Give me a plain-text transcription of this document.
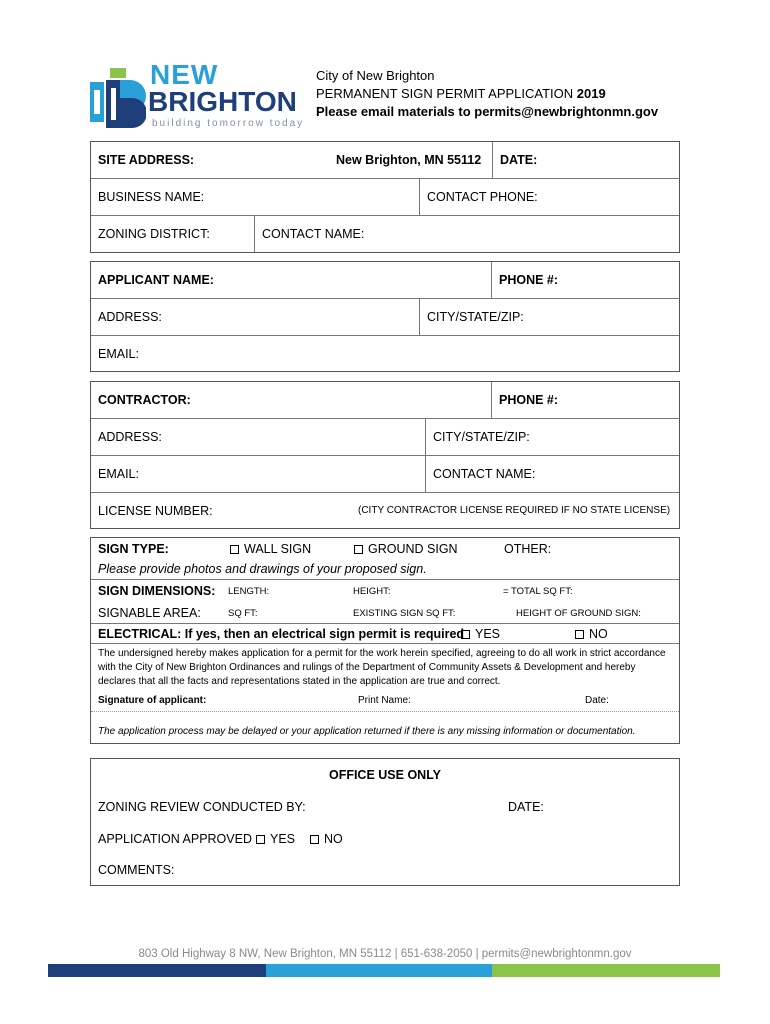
NEW
BRIGHTON
building tomorrow today
City of New Brighton
PERMANENT SIGN PERMIT APPLICATION 2019
Please email materials to permits@newbrightonmn.gov
SITE ADDRESS:	New Brighton, MN 55112	DATE:
BUSINESS NAME:	CONTACT PHONE:
ZONING DISTRICT:	CONTACT NAME:
APPLICANT NAME:	PHONE #:
ADDRESS:	CITY/STATE/ZIP:
EMAIL:
CONTRACTOR:	PHONE #:
ADDRESS:	CITY/STATE/ZIP:
EMAIL:	CONTACT NAME:
LICENSE NUMBER:	(CITY CONTRACTOR LICENSE REQUIRED IF NO STATE LICENSE)
SIGN TYPE:	WALL SIGN	GROUND SIGN	OTHER:
Please provide photos and drawings of your proposed sign.
SIGN DIMENSIONS:	LENGTH:	HEIGHT:	= TOTAL SQ FT:
SIGNABLE AREA:	SQ FT:	EXISTING SIGN SQ FT:	HEIGHT OF GROUND SIGN:
ELECTRICAL: If yes, then an electrical sign permit is required YES	NO
The undersigned hereby makes application for a permit for the work herein specified, agreeing to do all work in strict accordance with the City of New Brighton Ordinances and rulings of the Department of Community Assets & Development and hereby declares that all the facts and representations stated in the application are true and correct.
Signature of applicant:	Print Name:	Date:
The application process may be delayed or your application returned if there is any missing information or documentation.
OFFICE USE ONLY
ZONING REVIEW CONDUCTED BY:	DATE:
APPLICATION APPROVED YES NO
COMMENTS:
803 Old Highway 8 NW, New Brighton, MN 55112 | 651-638-2050 | permits@newbrightonmn.gov
